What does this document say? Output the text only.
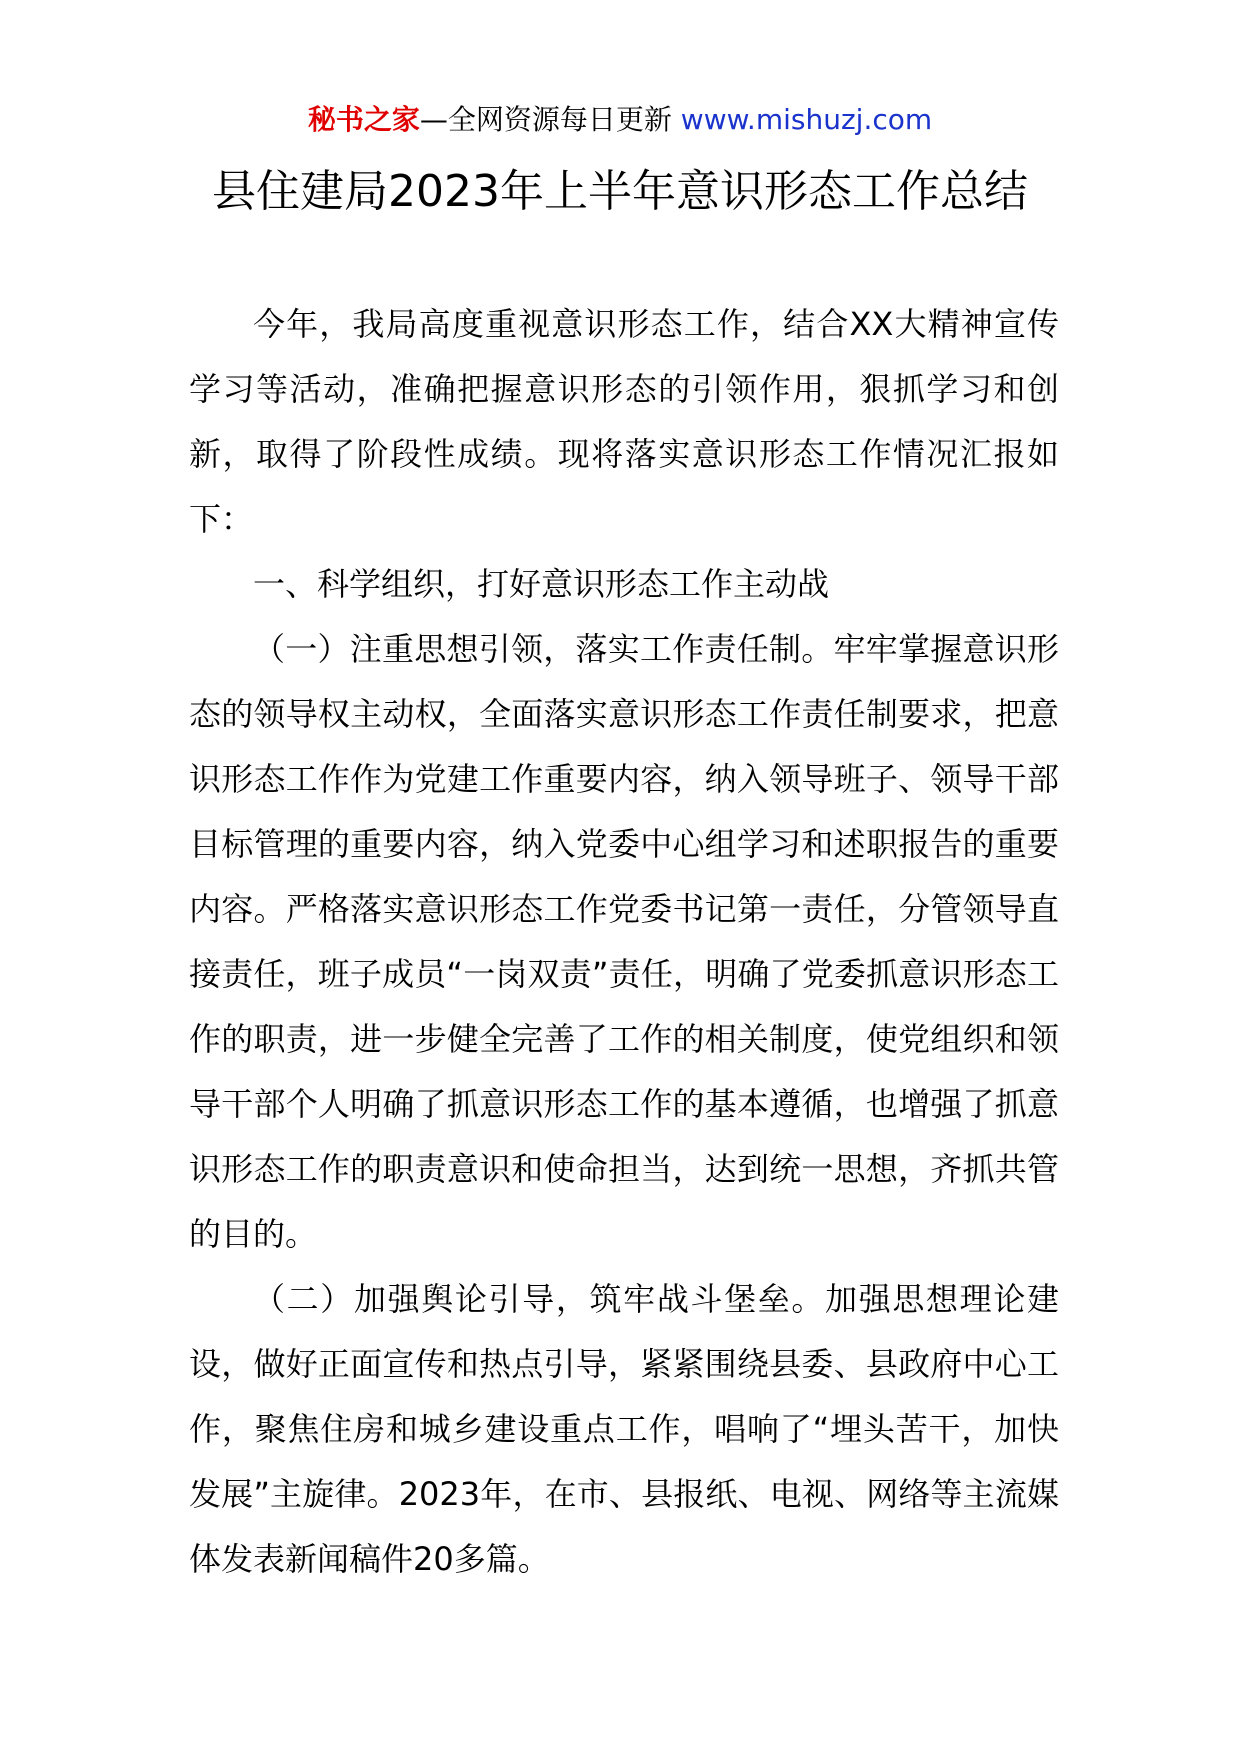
秘书之家—全网资源每日更新 www.mishuzj.com
县住建局2023年上半年意识形态工作总结

今年，我局高度重视意识形态工作，结合XX大精神宣传学习等活动，准确把握意识形态的引领作用，狠抓学习和创新，取得了阶段性成绩。现将落实意识形态工作情况汇报如下：

一、科学组织，打好意识形态工作主动战

（一）注重思想引领，落实工作责任制。牢牢掌握意识形态的领导权主动权，全面落实意识形态工作责任制要求，把意识形态工作作为党建工作重要内容，纳入领导班子、领导干部目标管理的重要内容，纳入党委中心组学习和述职报告的重要内容。严格落实意识形态工作党委书记第一责任，分管领导直接责任，班子成员“一岗双责”责任，明确了党委抓意识形态工作的职责，进一步健全完善了工作的相关制度，使党组织和领导干部个人明确了抓意识形态工作的基本遵循，也增强了抓意识形态工作的职责意识和使命担当，达到统一思想，齐抓共管的目的。

（二）加强舆论引导，筑牢战斗堡垒。加强思想理论建设，做好正面宣传和热点引导，紧紧围绕县委、县政府中心工作，聚焦住房和城乡建设重点工作，唱响了“埋头苦干，加快发展”主旋律。2023年，在市、县报纸、电视、网络等主流媒体发表新闻稿件20多篇。
